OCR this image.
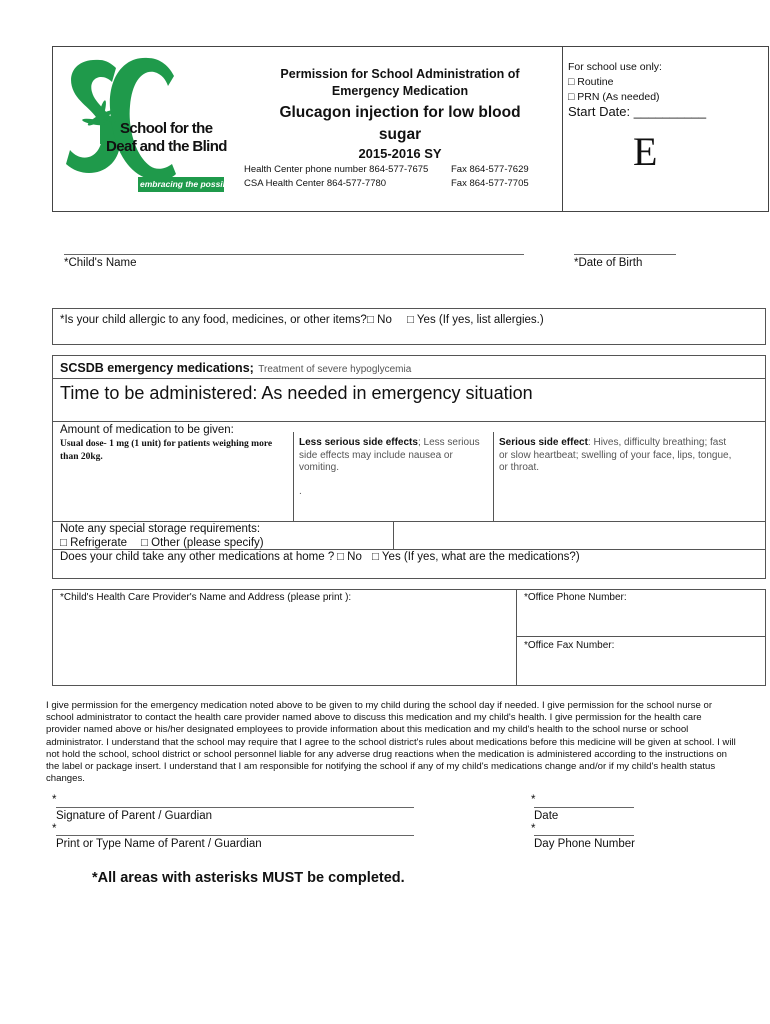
School for the
Deaf and the Blind
embracing the possibilities
Permission for School Administration of
Emergency Medication
Glucagon injection for low blood
sugar
2015-2016 SY
Health Center phone number 864-577-7675 Fax 864-577-7629
CSA Health Center 864-577-7780	Fax 864-577-7705
For school use only:
□ Routine
□ PRN (As needed)
Start Date: __________
E
*Child's Name	*Date of Birth
*Is your child allergic to any food, medicines, or other items? □ No □ Yes (If yes, list allergies.)
SCSDB emergency medications; Treatment of severe hypoglycemia
Time to be administered: As needed in emergency situation
Amount of medication to be given:
Usual dose- 1 mg (1 unit) for patients weighing more than 20kg.
Less serious side effects; Less serious side effects may include nausea or vomiting.
.
Serious side effect: Hives, difficulty breathing; fast or slow heartbeat; swelling of your face, lips, tongue, or throat.
Note any special storage requirements:
□ Refrigerate □ Other (please specify)
Does your child take any other medications at home ? □ No □ Yes (If yes, what are the medications?)
*Child's Health Care Provider's Name and Address (please print ):	*Office Phone Number:
*Office Fax Number:
I give permission for the emergency medication noted above to be given to my child during the school day if needed. I give permission for the school nurse or school administrator to contact the health care provider named above to discuss this medication and my child's health. I give permission for the health care provider named above or his/her designated employees to provide information about this medication and my child's health to the school nurse or school administrator. I understand that the school may require that I agree to the school district's rules about medications before this medicine will be given at school. I will not hold the school, school district or school personnel liable for any adverse drug reactions when the medication is administered according to the instructions on the label or package insert. I understand that I am responsible for notifying the school if any of my child's medications change and/or if my child's health status changes.
*
Signature of Parent / Guardian
*
Print or Type Name of Parent / Guardian
*
Date
*
Day Phone Number
*All areas with asterisks MUST be completed.
